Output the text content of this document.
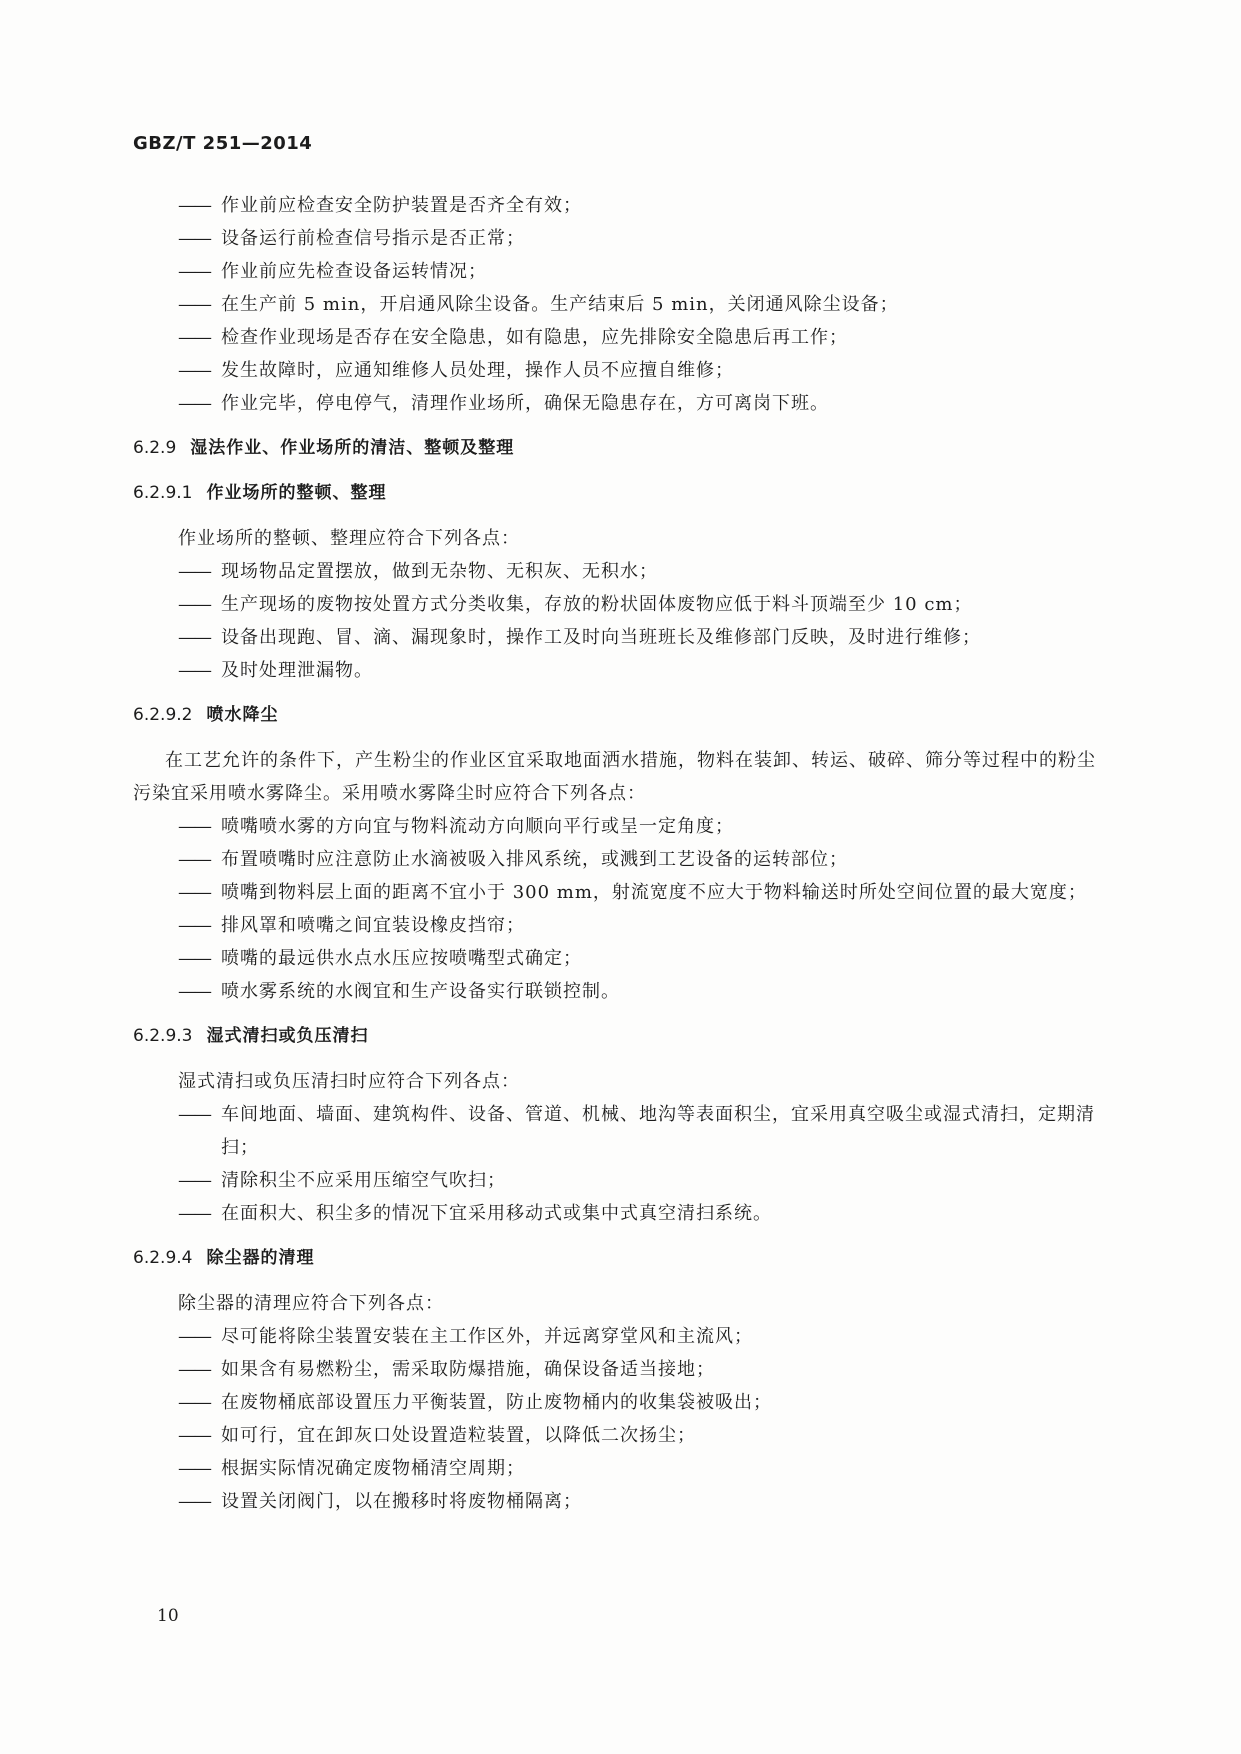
GBZ/T 251—2014
—— 作业前应检查安全防护装置是否齐全有效；
—— 设备运行前检查信号指示是否正常；
—— 作业前应先检查设备运转情况；
—— 在生产前 5 min，开启通风除尘设备。生产结束后 5 min，关闭通风除尘设备；
—— 检查作业现场是否存在安全隐患，如有隐患，应先排除安全隐患后再工作；
—— 发生故障时，应通知维修人员处理，操作人员不应擅自维修；
—— 作业完毕，停电停气，清理作业场所，确保无隐患存在，方可离岗下班。
6.2.9 湿法作业、作业场所的清洁、整顿及整理
6.2.9.1 作业场所的整顿、整理
作业场所的整顿、整理应符合下列各点：
—— 现场物品定置摆放，做到无杂物、无积灰、无积水；
—— 生产现场的废物按处置方式分类收集，存放的粉状固体废物应低于料斗顶端至少 10 cm；
—— 设备出现跑、冒、滴、漏现象时，操作工及时向当班班长及维修部门反映，及时进行维修；
—— 及时处理泄漏物。
6.2.9.2 喷水降尘
在工艺允许的条件下，产生粉尘的作业区宜采取地面洒水措施，物料在装卸、转运、破碎、筛分等过程中的粉尘污染宜采用喷水雾降尘。采用喷水雾降尘时应符合下列各点：
—— 喷嘴喷水雾的方向宜与物料流动方向顺向平行或呈一定角度；
—— 布置喷嘴时应注意防止水滴被吸入排风系统，或溅到工艺设备的运转部位；
—— 喷嘴到物料层上面的距离不宜小于 300 mm，射流宽度不应大于物料输送时所处空间位置的最大宽度；
—— 排风罩和喷嘴之间宜装设橡皮挡帘；
—— 喷嘴的最远供水点水压应按喷嘴型式确定；
—— 喷水雾系统的水阀宜和生产设备实行联锁控制。
6.2.9.3 湿式清扫或负压清扫
湿式清扫或负压清扫时应符合下列各点：
—— 车间地面、墙面、建筑构件、设备、管道、机械、地沟等表面积尘，宜采用真空吸尘或湿式清扫，定期清扫；
—— 清除积尘不应采用压缩空气吹扫；
—— 在面积大、积尘多的情况下宜采用移动式或集中式真空清扫系统。
6.2.9.4 除尘器的清理
除尘器的清理应符合下列各点：
—— 尽可能将除尘装置安装在主工作区外，并远离穿堂风和主流风；
—— 如果含有易燃粉尘，需采取防爆措施，确保设备适当接地；
—— 在废物桶底部设置压力平衡装置，防止废物桶内的收集袋被吸出；
—— 如可行，宜在卸灰口处设置造粒装置，以降低二次扬尘；
—— 根据实际情况确定废物桶清空周期；
—— 设置关闭阀门，以在搬移时将废物桶隔离；
10
